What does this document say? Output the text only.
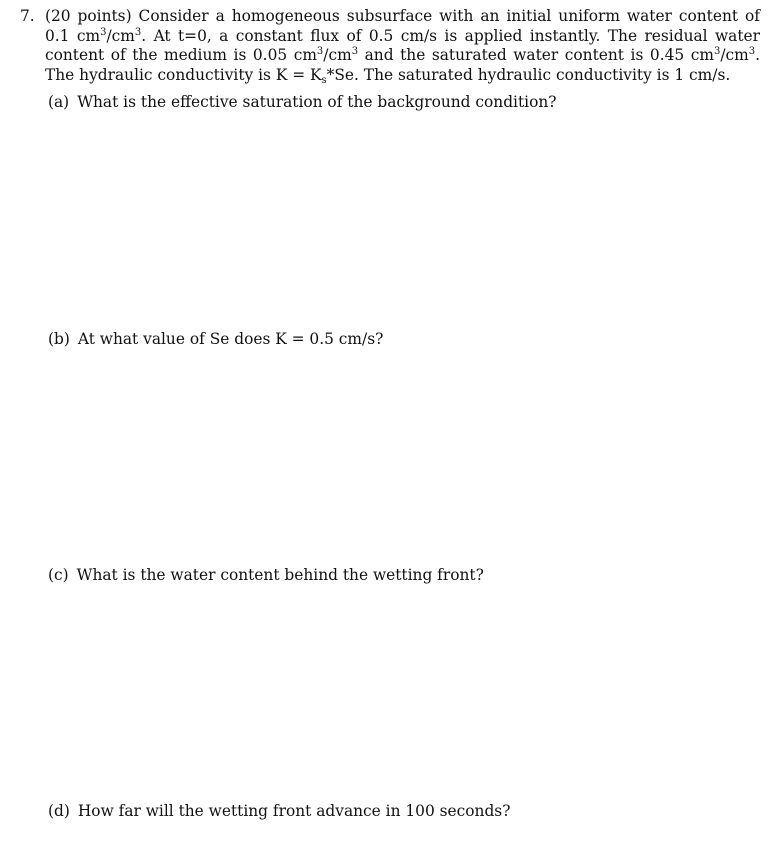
7. (20 points) Consider a homogeneous subsurface with an initial uniform water content of 0.1 $cm^3/cm^3$. At t=0, a constant flux of 0.5 cm/s is applied instantly. The residual water content of the medium is 0.05 $cm^3/cm^3$ and the saturated water content is 0.45 $cm^3/cm^3$. The hydraulic conductivity is $K = K_s*Se$. The saturated hydraulic conductivity is 1 cm/s.
(a) What is the effective saturation of the background condition?
(b) At what value of Se does K = 0.5 cm/s?
(c) What is the water content behind the wetting front?
(d) How far will the wetting front advance in 100 seconds?
